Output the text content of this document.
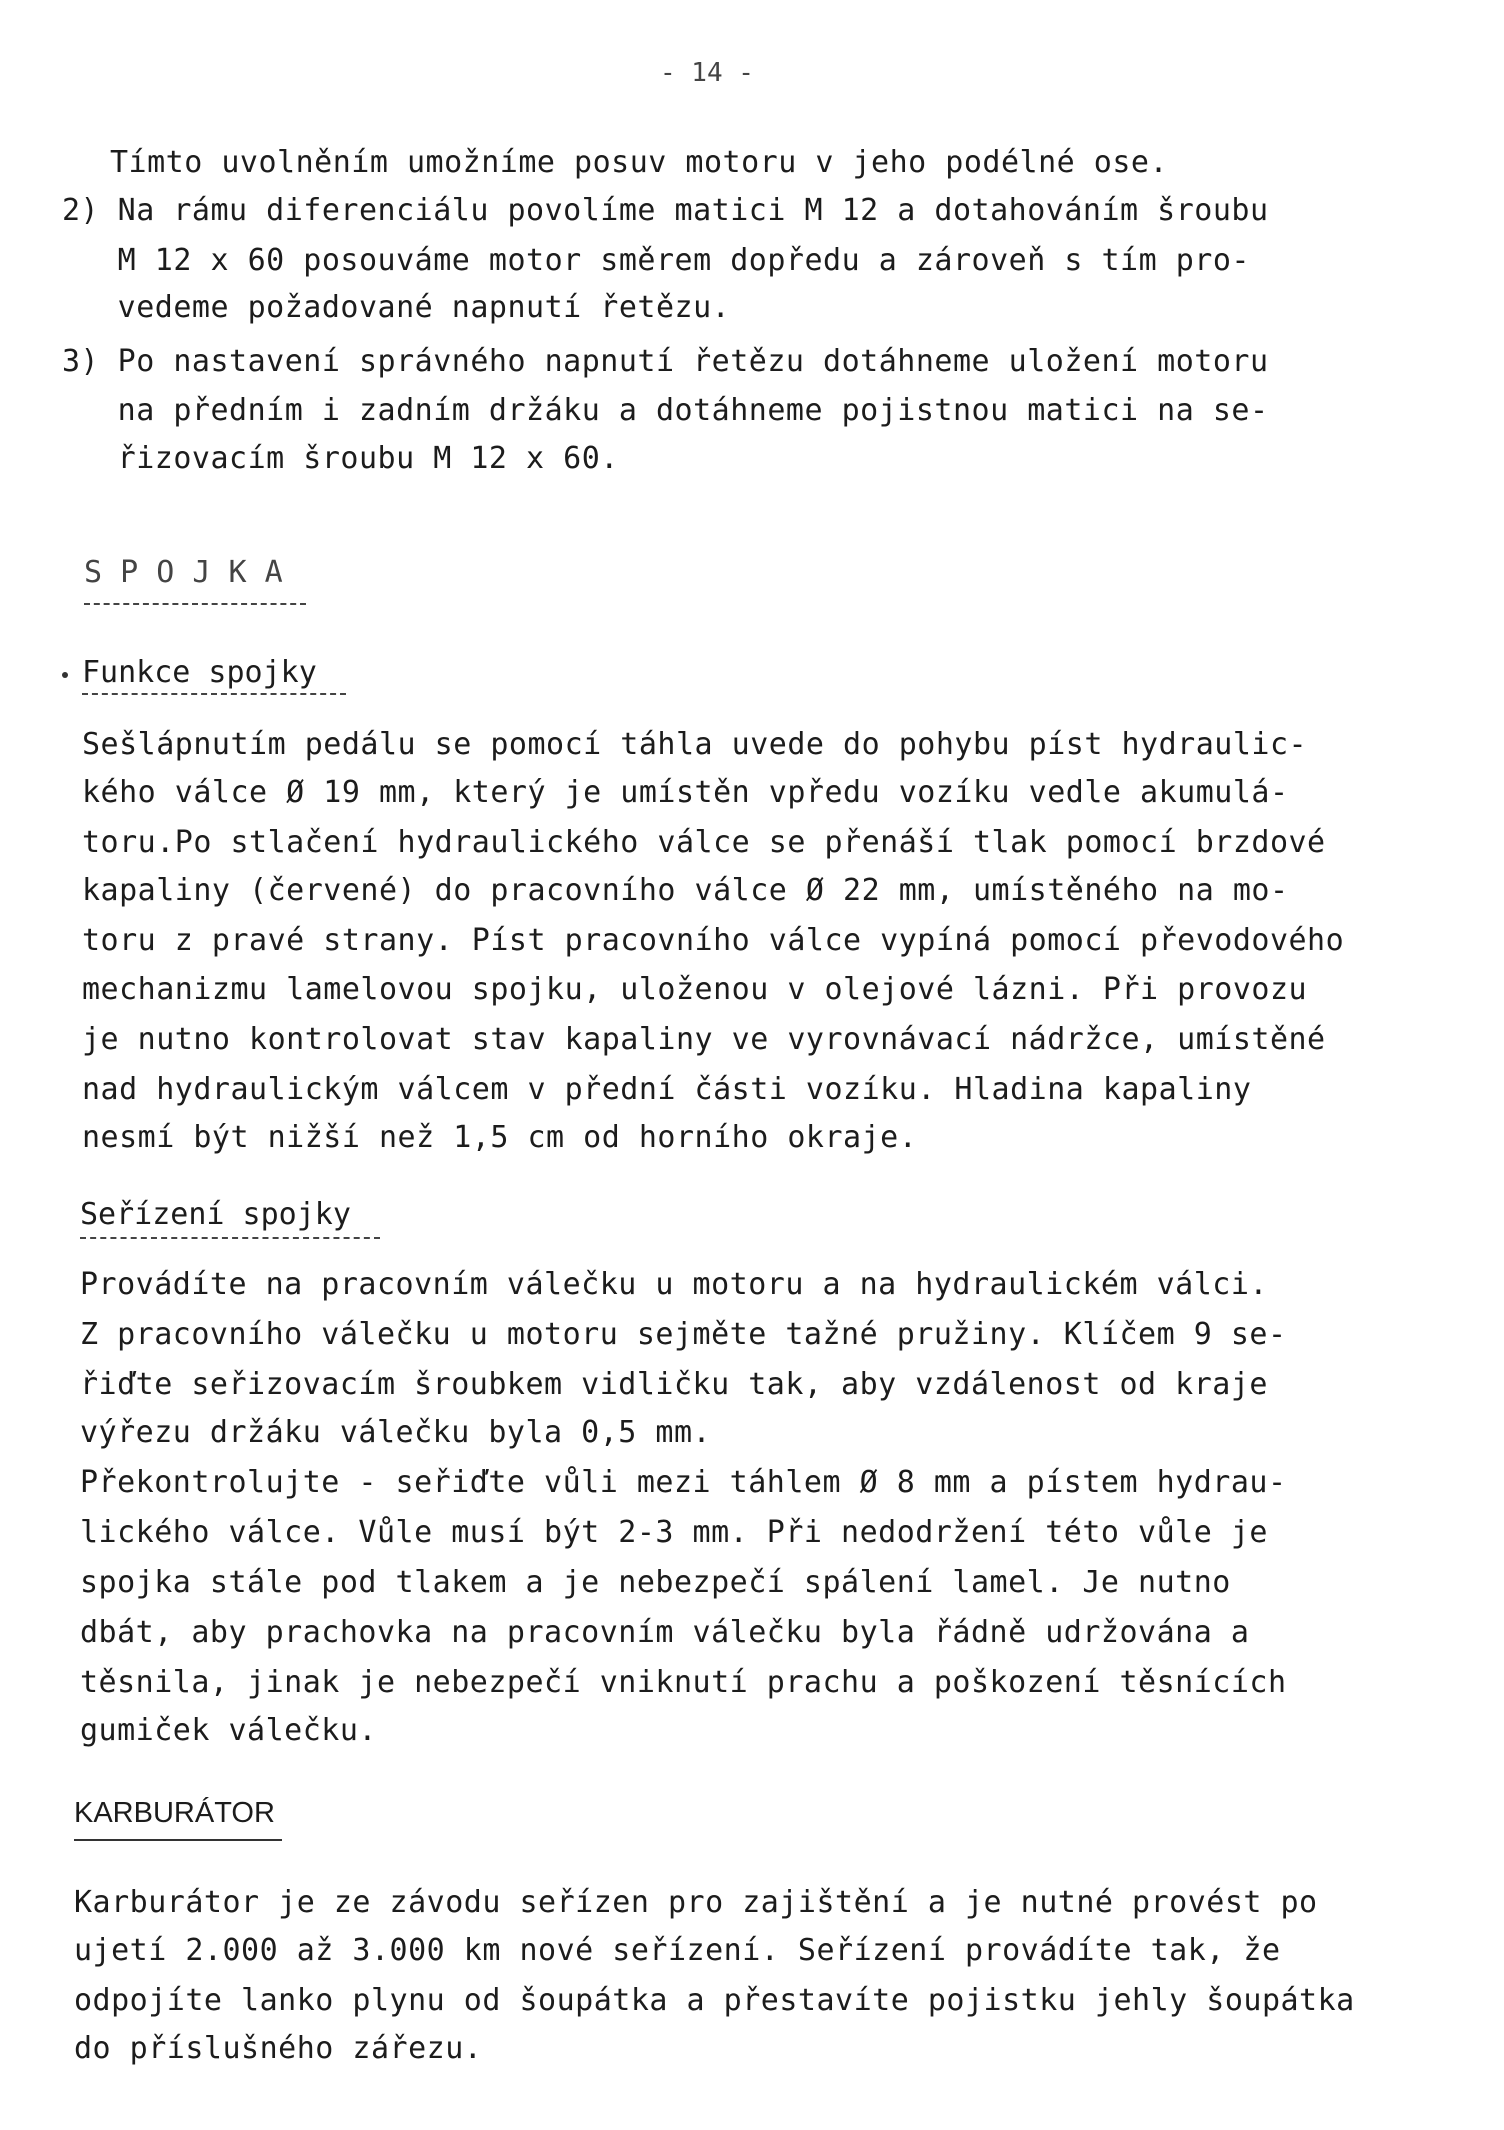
- 14 -
Tímto uvolněním umožníme posuv motoru v jeho podélné ose.
2) Na rámu diferenciálu povolíme matici M 12 a dotahováním šroubu
M 12 x 60 posouváme motor směrem dopředu a zároveň s tím pro-
vedeme požadované napnutí řetězu.
3) Po nastavení správného napnutí řetězu dotáhneme uložení motoru
na předním i zadním držáku a dotáhneme pojistnou matici na se-
řizovacím šroubu M 12 x 60.
S P O J K A
Funkce spojky
Sešlápnutím pedálu se pomocí táhla uvede do pohybu píst hydraulic-
kého válce Ø 19 mm, který je umístěn vpředu vozíku vedle akumulá-
toru.Po stlačení hydraulického válce se přenáší tlak pomocí brzdové
kapaliny (červené) do pracovního válce Ø 22 mm, umístěného na mo-
toru z pravé strany. Píst pracovního válce vypíná pomocí převodového
mechanizmu lamelovou spojku, uloženou v olejové lázni. Při provozu
je nutno kontrolovat stav kapaliny ve vyrovnávací nádržce, umístěné
nad hydraulickým válcem v přední části vozíku. Hladina kapaliny
nesmí být nižší než 1,5 cm od horního okraje.
Seřízení spojky
Provádíte na pracovním válečku u motoru a na hydraulickém válci.
Z pracovního válečku u motoru sejměte tažné pružiny. Klíčem 9 se-
řiďte seřizovacím šroubkem vidličku tak, aby vzdálenost od kraje
výřezu držáku válečku byla 0,5 mm.
Překontrolujte - seřiďte vůli mezi táhlem Ø 8 mm a pístem hydrau-
lického válce. Vůle musí být 2-3 mm. Při nedodržení této vůle je
spojka stále pod tlakem a je nebezpečí spálení lamel. Je nutno
dbát, aby prachovka na pracovním válečku byla řádně udržována a
těsnila, jinak je nebezpečí vniknutí prachu a poškození těsnících
gumiček válečku.
KARBURÁTOR
Karburátor je ze závodu seřízen pro zajištění a je nutné provést po
ujetí 2.000 až 3.000 km nové seřízení. Seřízení provádíte tak, že
odpojíte lanko plynu od šoupátka a přestavíte pojistku jehly šoupátka
do příslušného zářezu.
